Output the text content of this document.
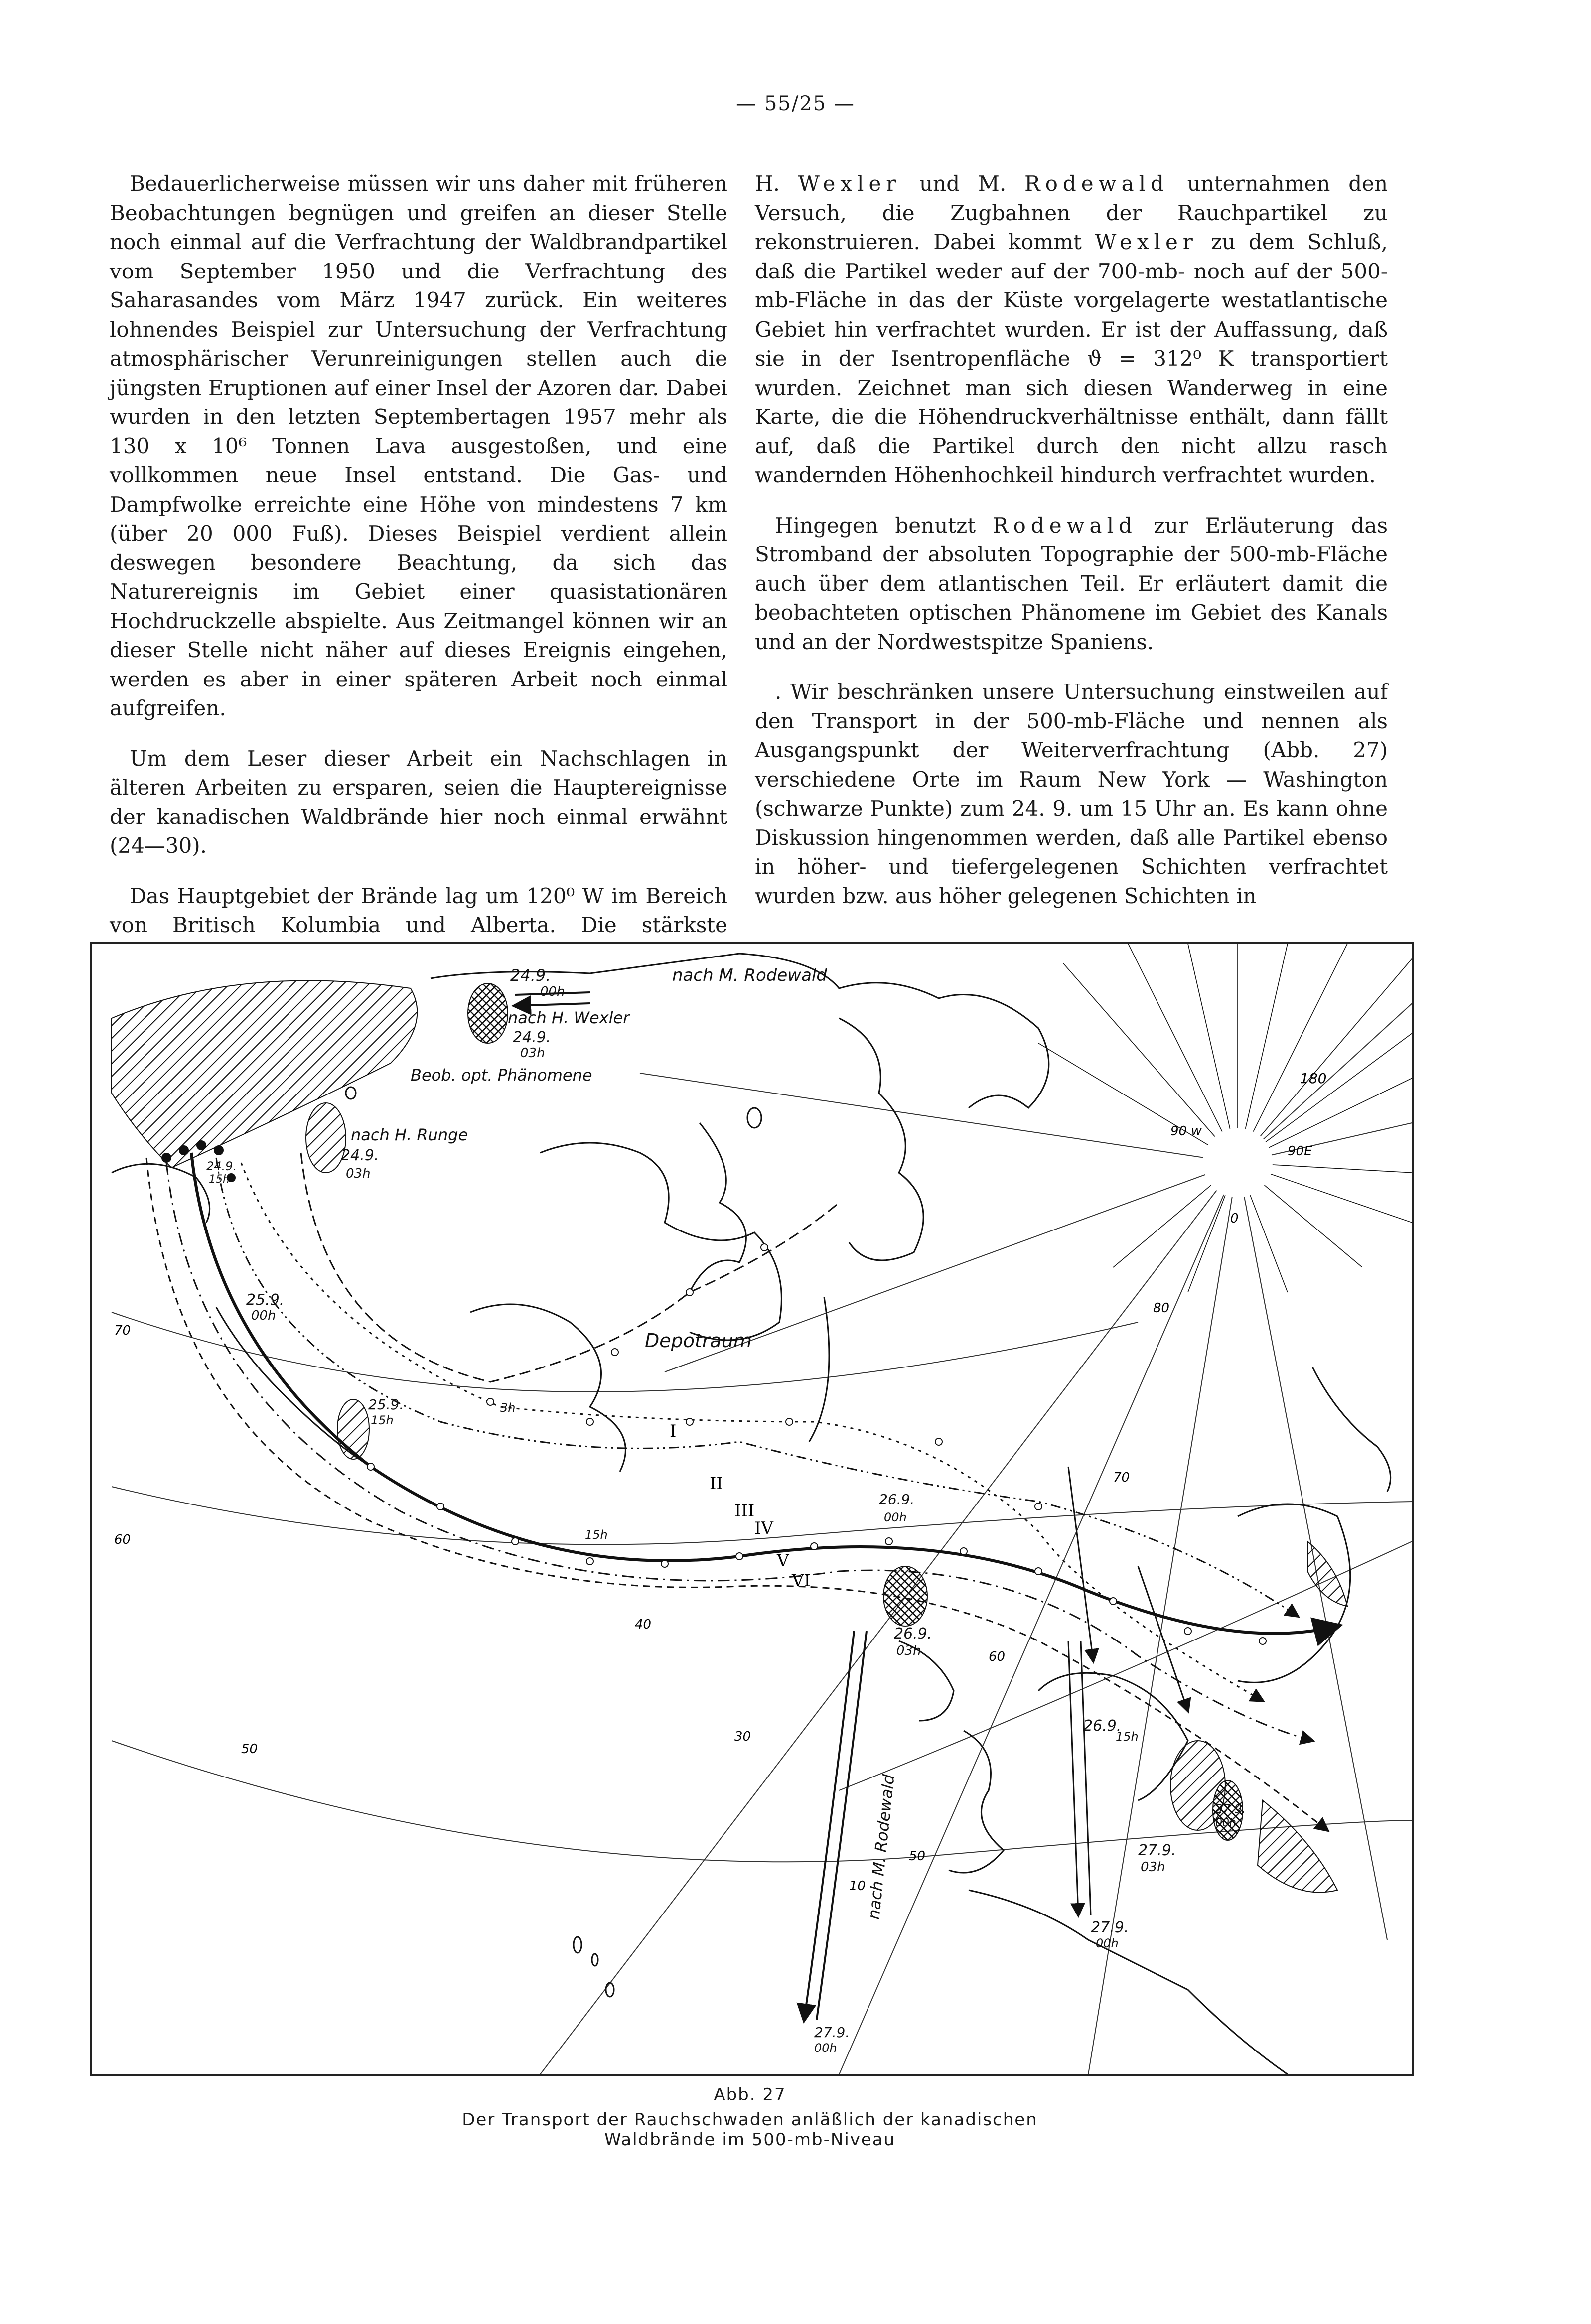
— 55/25 —

Bedauerlicherweise müssen wir uns daher mit früheren Beobachtungen begnügen und greifen an dieser Stelle noch einmal auf die Verfrachtung der Waldbrandpartikel vom September 1950 und die Verfrachtung des Saharasandes vom März 1947 zurück. Ein weiteres lohnendes Beispiel zur Untersuchung der Verfrachtung atmosphärischer Verunreinigungen stellen auch die jüngsten Eruptionen auf einer Insel der Azoren dar. Dabei wurden in den letzten Septembertagen 1957 mehr als 130 x 10⁶ Tonnen Lava ausgestoßen, und eine vollkommen neue Insel entstand. Die Gas- und Dampfwolke erreichte eine Höhe von mindestens 7 km (über 20 000 Fuß). Dieses Beispiel verdient allein deswegen besondere Beachtung, da sich das Naturereignis im Gebiet einer quasistationären Hochdruckzelle abspielte. Aus Zeitmangel können wir an dieser Stelle nicht näher auf dieses Ereignis eingehen, werden es aber in einer späteren Arbeit noch einmal aufgreifen.

Um dem Leser dieser Arbeit ein Nachschlagen in älteren Arbeiten zu ersparen, seien die Hauptereignisse der kanadischen Waldbrände hier noch einmal erwähnt (24—30).

Das Hauptgebiet der Brände lag um 120⁰ W im Bereich von Britisch Kolumbia und Alberta. Die stärkste

H. Wexler und M. Rodewald unternahmen den Versuch, die Zugbahnen der Rauchpartikel zu rekonstruieren. Dabei kommt Wexler zu dem Schluß, daß die Partikel weder auf der 700-mb- noch auf der 500-mb-Fläche in das der Küste vorgelagerte westatlantische Gebiet hin verfrachtet wurden. Er ist der Auffassung, daß sie in der Isentropenfläche ϑ = 312⁰ K transportiert wurden. Zeichnet man sich diesen Wanderweg in eine Karte, die die Höhendruckverhältnisse enthält, dann fällt auf, daß die Partikel durch den nicht allzu rasch wandernden Höhenhochkeil hindurch verfrachtet wurden.

Hingegen benutzt Rodewald zur Erläuterung das Stromband der absoluten Topographie der 500-mb-Fläche auch über dem atlantischen Teil. Er erläutert damit die beobachteten optischen Phänomene im Gebiet des Kanals und an der Nordwestspitze Spaniens.

. Wir beschränken unsere Untersuchung einstweilen auf den Transport in der 500-mb-Fläche und nennen als Ausgangspunkt der Weiterverfrachtung (Abb. 27) verschiedene Orte im Raum New York — Washington (schwarze Punkte) zum 24. 9. um 15 Uhr an. Es kann ohne Diskussion hingenommen werden, daß alle Partikel ebenso in höher- und tiefergelegenen Schichten verfrachtet wurden bzw. aus höher gelegenen Schichten in

nach M. Rodewald
24.9.
00h
nach H. Wexler
24.9.
03h
Beob. opt. Phänomene
nach H. Runge
24.9.
03h
24.9.
15h
25.9.
00h
25.9.
15h
Depotraum
I
II
III
IV
V
VI
26.9.
00h
26.9.
03h
26.9.
15h
27.9.
00h
27.9.
03h
27.9.
00h
27.9.
00h
nach M. Rodewald
15h
3h
180
90 w
90E
0
80
70
70
60
60
50
50
40
30
10
Abb. 27
Der Transport der Rauchschwaden anläßlich der kanadischen
Waldbrände im 500-mb-Niveau
